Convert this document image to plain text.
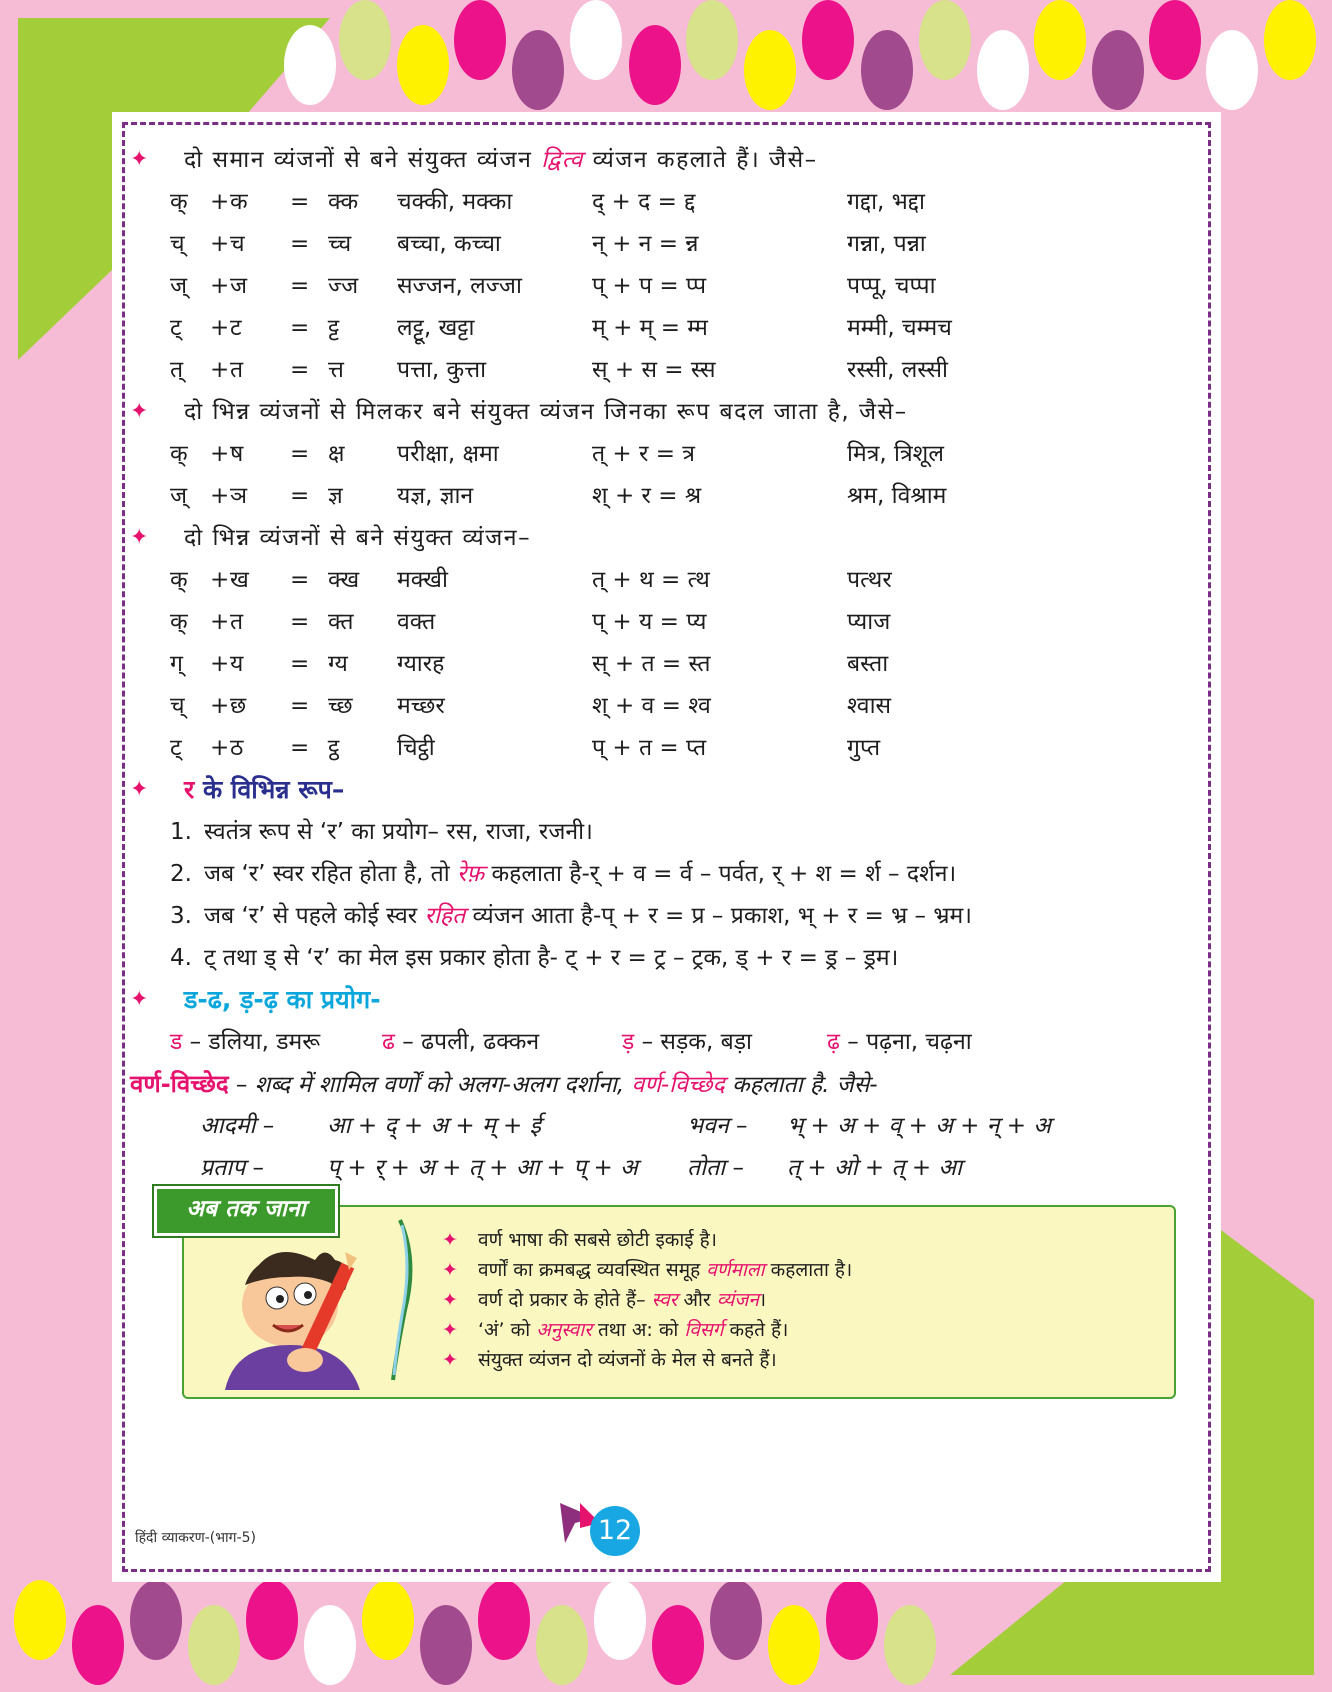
✦ दो समान व्यंजनों से बने संयुक्त व्यंजन द्वित्व व्यंजन कहलाते हैं। जैसे–
क् + क = क्क चक्की, मक्का	द् + द = द्द	गद्दा, भद्दा
च् + च = च्च बच्चा, कच्चा	न् + न = न्न	गन्ना, पन्ना
ज् + ज = ज्ज सज्जन, लज्जा	प् + प = प्प	पप्पू, चप्पा
ट् + ट = ट्ट	लट्टू, खट्टा	म् + म् = म्म	मम्मी, चम्मच
त् + त = त्त पत्ता, कुत्ता	स् + स = स्स	रस्सी, लस्सी
✦ दो भिन्न व्यंजनों से मिलकर बने संयुक्त व्यंजन जिनका रूप बदल जाता है, जैसे–
क् + ष = क्ष परीक्षा, क्षमा	त् + र = त्र	मित्र, त्रिशूल
ज् + ञ = ज्ञ यज्ञ, ज्ञान	श् + र = श्र	श्रम, विश्राम
✦ दो भिन्न व्यंजनों से बने संयुक्त व्यंजन–
क् + ख = क्ख मक्खी	त् + थ = त्थ	पत्थर
क् + त = क्त वक्त	प् + य = प्य	प्याज
ग् + य = ग्य ग्यारह	स् + त = स्त	बस्ता
च् + छ = च्छ मच्छर	श् + व = श्व	श्वास
ट् + ठ = ट्ठ	चिट्ठी	प् + त = प्त	गुप्त
✦ र के विभिन्न रूप–
1. स्वतंत्र रूप से ‘र’ का प्रयोग– रस, राजा, रजनी।
2. जब ‘र’ स्वर रहित होता है, तो रेफ़ कहलाता है-र् + व = र्व – पर्वत, र् + श = र्श – दर्शन।
3. जब ‘र’ से पहले कोई स्वर रहित व्यंजन आता है-प् + र = प्र – प्रकाश, भ् + र = भ्र – भ्रम।
4. ट् तथा ड् से ‘र’ का मेल इस प्रकार होता है- ट् + र = ट्र – ट्रक, ड् + र = ड्र – ड्रम।
✦ ड-ढ, ड़-ढ़ का प्रयोग-
ड – डलिया, डमरू	ढ – ढपली, ढक्कन	ड़ – सड़क, बड़ा	ढ़ – पढ़ना, चढ़ना
वर्ण-विच्छेद – शब्द में शामिल वर्णों को अलग-अलग दर्शाना, वर्ण-विच्छेद कहलाता है. जैसे-
आदमी – आ + द् + अ + म् + ई	भवन – भ् + अ + व् + अ + न् + अ
प्रताप –	प् + र् + अ + त् + आ + प् + अ तोता – त् + ओ + त् + आ
अब तक जाना
✦ वर्ण भाषा की सबसे छोटी इकाई है।
✦ वर्णों का क्रमबद्ध व्यवस्थित समूह वर्णमाला कहलाता है।
✦ वर्ण दो प्रकार के होते हैं– स्वर और व्यंजन।
✦ ‘अं’ को अनुस्वार तथा अ: को विसर्ग कहते हैं।
✦ संयुक्त व्यंजन दो व्यंजनों के मेल से बनते हैं।
हिंदी व्याकरण-(भाग-5)	12
